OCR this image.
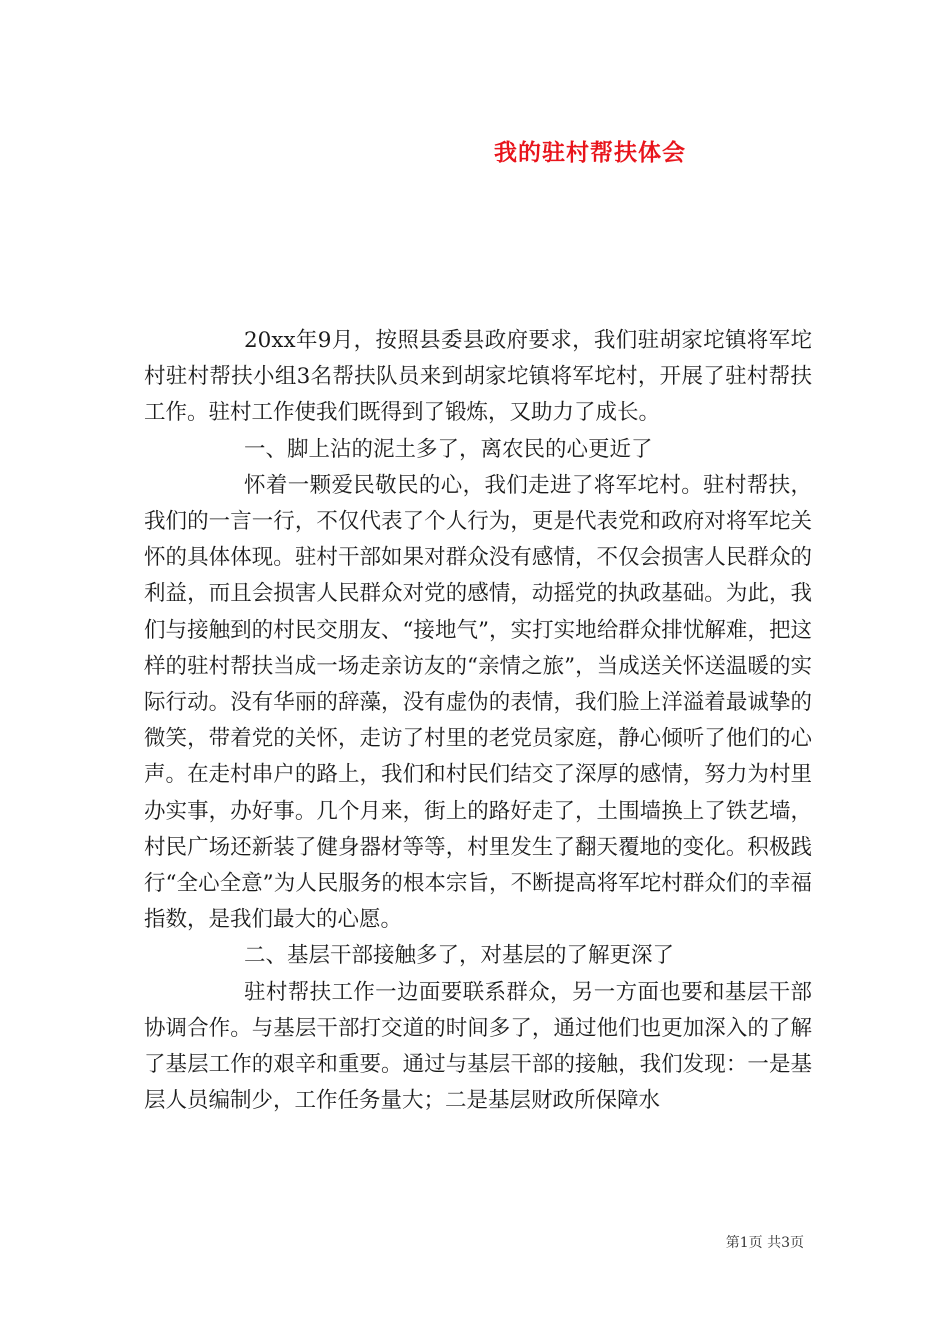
我的驻村帮扶体会

20xx年9月，按照县委县政府要求，我们驻胡家坨镇将军坨村驻村帮扶小组3名帮扶队员来到胡家坨镇将军坨村，开展了驻村帮扶工作。驻村工作使我们既得到了锻炼，又助力了成长。

一、脚上沾的泥土多了，离农民的心更近了

怀着一颗爱民敬民的心，我们走进了将军坨村。驻村帮扶，我们的一言一行，不仅代表了个人行为，更是代表党和政府对将军坨关怀的具体体现。驻村干部如果对群众没有感情，不仅会损害人民群众的利益，而且会损害人民群众对党的感情，动摇党的执政基础。为此，我们与接触到的村民交朋友、“接地气”，实打实地给群众排忧解难，把这样的驻村帮扶当成一场走亲访友的“亲情之旅”，当成送关怀送温暖的实际行动。没有华丽的辞藻，没有虚伪的表情，我们脸上洋溢着最诚挚的微笑，带着党的关怀，走访了村里的老党员家庭，静心倾听了他们的心声。在走村串户的路上，我们和村民们结交了深厚的感情，努力为村里办实事，办好事。几个月来，街上的路好走了，土围墙换上了铁艺墙，村民广场还新装了健身器材等等，村里发生了翻天覆地的变化。积极践行“全心全意”为人民服务的根本宗旨，不断提高将军坨村群众们的幸福指数，是我们最大的心愿。

二、基层干部接触多了，对基层的了解更深了

驻村帮扶工作一边面要联系群众，另一方面也要和基层干部协调合作。与基层干部打交道的时间多了，通过他们也更加深入的了解了基层工作的艰辛和重要。通过与基层干部的接触，我们发现：一是基层人员编制少，工作任务量大；二是基层财政所保障水

第1页 共3页
